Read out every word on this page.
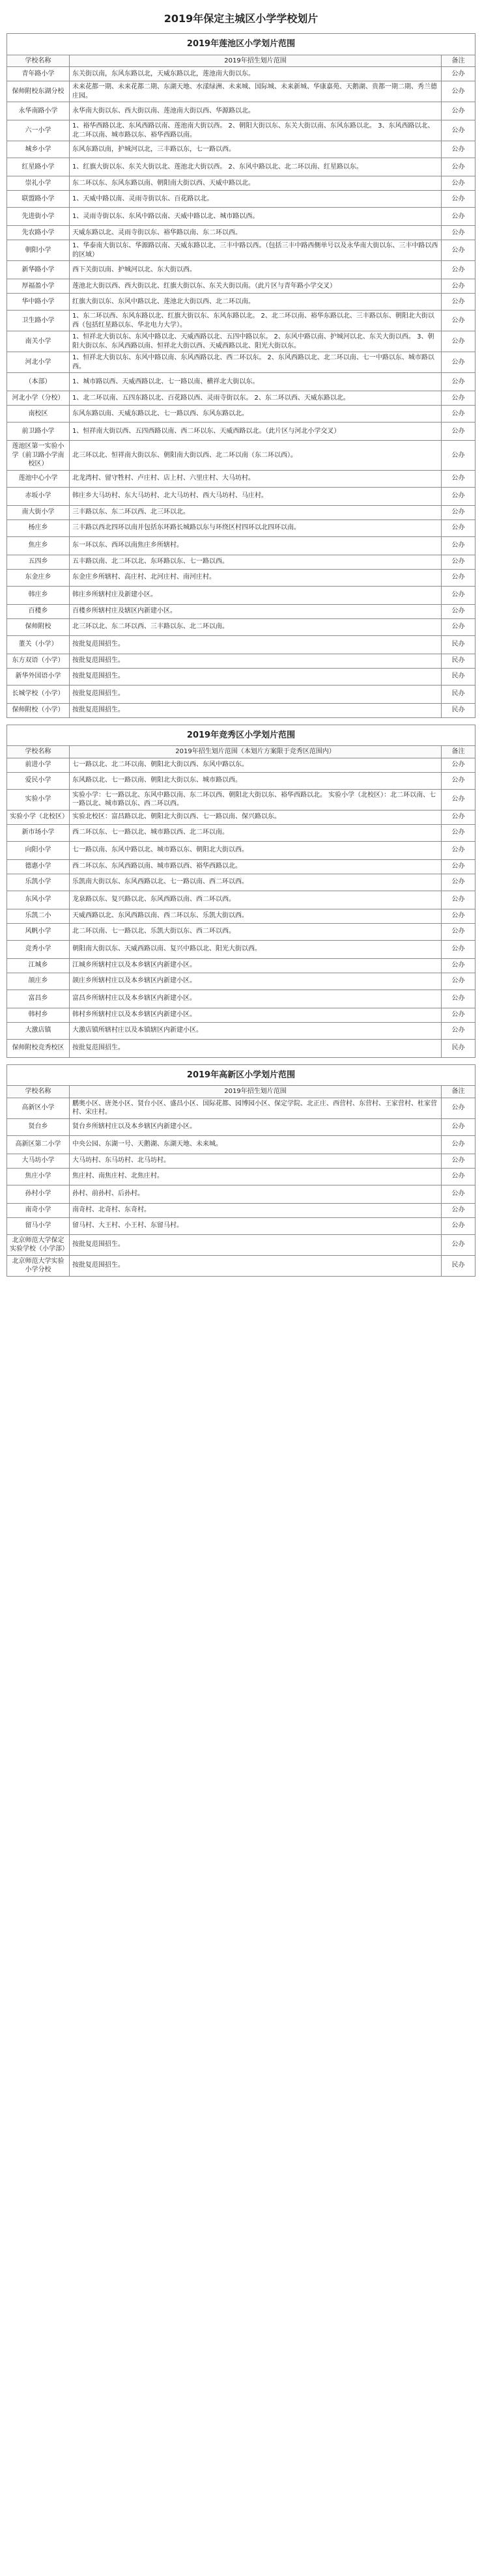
2019年保定主城区小学学校划片
2019年莲池区小学划片范围		
学校名称	2019年招生划片范围	备注
青年路小学	东关街以南，东风东路以北，天威东路以北，莲池南大街以东。	公办
保师附校东湖分校	未来花都一期、未来花都二期、东湖天地、水漾绿洲、未来城、国际城、未来新城、华康嘉苑、天鹅湖、贵都一期二期、秀兰德庄园。	公办
永华南路小学	永华南大街以东、西大街以南、莲池南大街以西、华源路以北。	公办
六一小学	1、裕华西路以北、东风西路以南、莲池南大街以西。 2、朝阳大街以东、东关大街以南、东风东路以北。 3、东风西路以北、北二环以南、城市路以东、裕华西路以南。	公办
城乡小学	东风东路以南，护城河以北，三丰路以东，七一路以西。	公办
红星路小学	1、红旗大街以东、东关大街以北、莲池北大街以西。 2、东风中路以北、北二环以南、红星路以东。	公办
崇礼小学	东二环以东、东风东路以南、朝阳南大街以西、天威中路以北。	公办
联盟路小学	1、天威中路以南、灵雨寺街以东、百花路以北。	公办
先进街小学	1、灵雨寺街以东、东风中路以南、天威中路以北、城市路以西。	公办
先农路小学	天威东路以北、灵雨寺街以东、裕华路以南、东二环以西。	公办
朝阳小学	1、华泰南大街以东、华源路以南、天威东路以北、三丰中路以西。（包括三丰中路西侧单号以及永华南大街以东、三丰中路以西的区域）	公办
新华路小学	西下关街以南、护城河以北、东大街以西。	公办
厚福盈小学	莲池北大街以西、西大街以北、红旗大街以东、东关大街以南。（此片区与青年路小学交叉）	公办
华中路小学	红旗大街以东、东风中路以北、莲池北大街以西、北二环以南。	公办
卫生路小学	1、东二环以西、东风东路以北、红旗大街以东、东风东路以北。 2、北二环以南、裕华东路以北、三丰路以东、朝阳北大街以西（包括红星路以东、华北电力大学）。	公办
南关小学	1、恒祥北大街以东、东风中路以北、天威西路以北、五四中路以东。 2、东风中路以南、护城河以北、东关大街以西。 3、朝阳大街以东、东风西路以南、恒祥北大街以西、天威西路以北、阳光大街以东。	公办
河北小学	1、恒祥北大街以东、东风中路以南、东风西路以北、西二环以东。 2、东风西路以北、北二环以南、七一中路以东、城市路以西。	公办
（本部）	1、城市路以西、天威西路以北、七一路以南、横祥北大街以东。	公办
河北小学（分校）	1、北二环以南、五四东路以北、百花路以西、灵雨寺街以东。 2、东二环以西、天威东路以北。	公办
南校区	东风东路以南、天威东路以北、七一路以西、东风东路以北。	公办
前卫路小学	1、恒祥南大街以西、五四西路以南、西二环以东、天威西路以北。（此片区与河北小学交叉）	公办
莲池区第一实验小学（前卫路小学南校区）	北三环以北、恒祥南大街以东、朝阳南大街以西、北二环以南（东二环以西）。	公办
莲池中心小学	北龙湾村、留守牲村、卢庄村、店上村、六里庄村、大马坊村。	公办
赤坂小学	韩庄乡大马坊村、东大马坊村、北大马坊村、西大马坊村、马庄村。	公办
南大街小学	三丰路以东、东二环以西、北三环以北。	公办
杨庄乡	三丰路以西北四环以南并包括东环路长城路以东与环绕区村四环以北四环以南。	公办
焦庄乡	东一环以东、西环以南焦庄乡所辖村。	公办
五四乡	五丰路以南、北二环以北、东环路以东、七一路以西。	公办
东金庄乡	东金庄乡所辖村、高庄村、北河庄村、南河庄村。	公办
韩庄乡	韩庄乡所辖村庄及新建小区。	公办
百楼乡	百楼乡所辖村庄及辖区内新建小区。	公办
保师附校	北三环以北、东二环以西、三丰路以东、北二环以南。	公办
董关（小学）	按批复范围招生。	民办
东方双语（小学）	按批复范围招生。	民办
新华外国语小学	按批复范围招生。	民办
长城学校（小学）	按批复范围招生。	民办
保师附校（小学）	按批复范围招生。	民办
2019年竞秀区小学划片范围		
学校名称	2019年招生划片范围（本划片方案限于竞秀区范围内）	备注
前进小学	七一路以北、北二环以南、朝阳北大街以西、东风中路以东。	公办
爱民小学	东风路以北、七一路以南、朝阳北大街以东、城市路以西。	公办
实验小学	实验小学：七一路以北、东风中路以南、东二环以西、朝阳北大街以东、裕华西路以北。 实验小学（北校区）：北二环以南、七一路以北、城市路以东、西二环以西。	公办
实验小学（北校区）	实验北校区：富昌路以北、朝阳北大街以西、七一路以南、保兴路以东。	公办
新市场小学	西二环以东、七一路以北、城市路以西、北二环以南。	公办
向阳小学	七一路以南、东风中路以北、城市路以东、朝阳北大街以西。	公办
德惠小学	西二环以东、东风西路以南、城市路以西、裕华西路以北。	公办
乐凯小学	乐凯南大街以东、东风西路以北、七一路以南、西二环以西。	公办
东风小学	龙泉路以东、复兴路以北、东风西路以南、西二环以西。	公办
乐凯二小	天威西路以北、东风西路以南、西二环以东、乐凯大街以西。	公办
风帆小学	北二环以南、七一路以北、乐凯大街以东、西二环以西。	公办
竞秀小学	朝阳南大街以东、天威西路以南、复兴中路以北、阳光大街以西。	公办
江城乡	江城乡所辖村庄以及本乡辖区内新建小区。	公办
颉庄乡	颉庄乡所辖村庄以及本乡辖区内新建小区。	公办
富昌乡	富昌乡所辖村庄以及本乡辖区内新建小区。	公办
韩村乡	韩村乡所辖村庄以及本乡辖区内新建小区。	公办
大激店镇	大激店镇所辖村庄以及本镇辖区内新建小区。	公办
保师附校竞秀校区	按批复范围招生。	民办
2019年高新区小学划片范围		
学校名称	2019年招生划片范围	备注
高新区小学	鹏奥小区、唐尧小区、贤台小区、盛昌小区、国际花都、园博园小区、保定学院、北正庄、西营村、东营村、王家营村、杜家营村、宋庄村。	公办
贤台乡	贤台乡所辖村庄以及本乡辖区内新建小区。	公办
高新区第二小学	中央公园、东湖一号、天鹅湖、东湖天地、未来城。	公办
大马坊小学	大马坊村、东马坊村、北马坊村。	公办
焦庄小学	焦庄村、南焦庄村、北焦庄村。	公办
孙村小学	孙村、前孙村、后孙村。	公办
南奇小学	南奇村、北奇村、东奇村。	公办
留马小学	留马村、大王村、小王村、东留马村。	公办
北京师范大学保定实验学校（小学部）	按批复范围招生。	公办
北京师范大学实验小学分校	按批复范围招生。	民办
